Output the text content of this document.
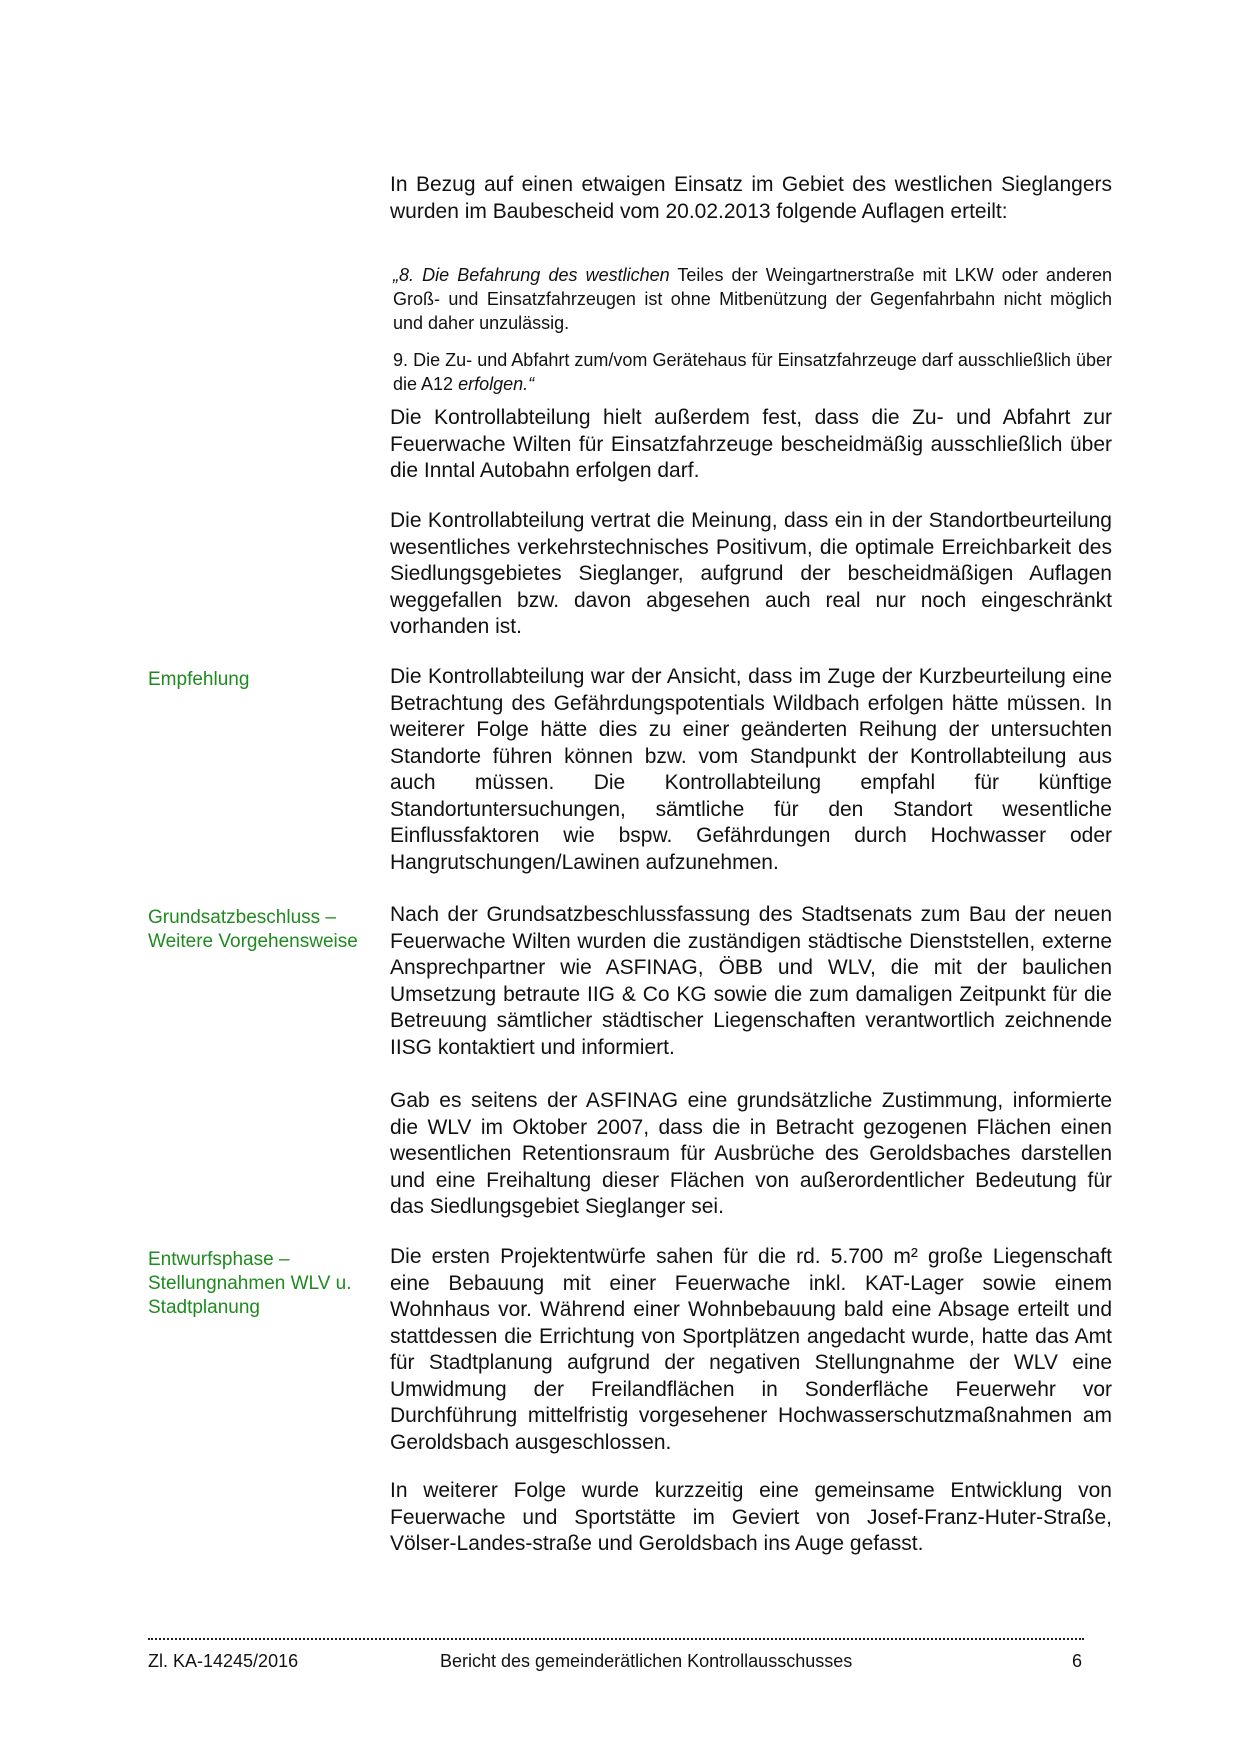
In Bezug auf einen etwaigen Einsatz im Gebiet des westlichen Sieglangers wurden im Baubescheid vom 20.02.2013 folgende Auflagen erteilt:
„8. Die Befahrung des westlichen Teiles der Weingartnerstraße mit LKW oder anderen Groß- und Einsatzfahrzeugen ist ohne Mitbenützung der Gegenfahrbahn nicht möglich und daher unzulässig.
9. Die Zu- und Abfahrt zum/vom Gerätehaus für Einsatzfahrzeuge darf ausschließlich über die A12 erfolgen.“
Die Kontrollabteilung hielt außerdem fest, dass die Zu- und Abfahrt zur Feuerwache Wilten für Einsatzfahrzeuge bescheidmäßig ausschließlich über die Inntal Autobahn erfolgen darf.
Die Kontrollabteilung vertrat die Meinung, dass ein in der Standortbeurteilung wesentliches verkehrstechnisches Positivum, die optimale Erreichbarkeit des Siedlungsgebietes Sieglanger, aufgrund der bescheidmäßigen Auflagen weggefallen bzw. davon abgesehen auch real nur noch eingeschränkt vorhanden ist.
Empfehlung	Die Kontrollabteilung war der Ansicht, dass im Zuge der Kurzbeurteilung eine Betrachtung des Gefährdungspotentials Wildbach erfolgen hätte müssen. In weiterer Folge hätte dies zu einer geänderten Reihung der untersuchten Standorte führen können bzw. vom Standpunkt der Kontrollabteilung aus auch müssen. Die Kontrollabteilung empfahl für künftige Standortuntersuchungen, sämtliche für den Standort wesentliche Einflussfaktoren wie bspw. Gefährdungen durch Hochwasser oder Hangrutschungen/Lawinen aufzunehmen.
Grundsatzbeschluss – Weitere Vorgehensweise
Nach der Grundsatzbeschlussfassung des Stadtsenats zum Bau der neuen Feuerwache Wilten wurden die zuständigen städtische Dienststellen, externe Ansprechpartner wie ASFINAG, ÖBB und WLV, die mit der baulichen Umsetzung betraute IIG & Co KG sowie die zum damaligen Zeitpunkt für die Betreuung sämtlicher städtischer Liegenschaften verantwortlich zeichnende IISG kontaktiert und informiert.
Gab es seitens der ASFINAG eine grundsätzliche Zustimmung, informierte die WLV im Oktober 2007, dass die in Betracht gezogenen Flächen einen wesentlichen Retentionsraum für Ausbrüche des Geroldsbaches darstellen und eine Freihaltung dieser Flächen von außerordentlicher Bedeutung für das Siedlungsgebiet Sieglanger sei.
Entwurfsphase – Stellungnahmen WLV u. Stadtplanung
Die ersten Projektentwürfe sahen für die rd. 5.700 m² große Liegenschaft eine Bebauung mit einer Feuerwache inkl. KAT-Lager sowie einem Wohnhaus vor. Während einer Wohnbebauung bald eine Absage erteilt und stattdessen die Errichtung von Sportplätzen angedacht wurde, hatte das Amt für Stadtplanung aufgrund der negativen Stellungnahme der WLV eine Umwidmung der Freilandflächen in Sonderfläche Feuerwehr vor Durchführung mittelfristig vorgesehener Hochwasserschutzmaßnahmen am Geroldsbach ausgeschlossen.
In weiterer Folge wurde kurzzeitig eine gemeinsame Entwicklung von Feuerwache und Sportstätte im Geviert von Josef-Franz-Huter-Straße, Völser-Landes-straße und Geroldsbach ins Auge gefasst.
Zl. KA-14245/2016	Bericht des gemeinderätlichen Kontrollausschusses	6
